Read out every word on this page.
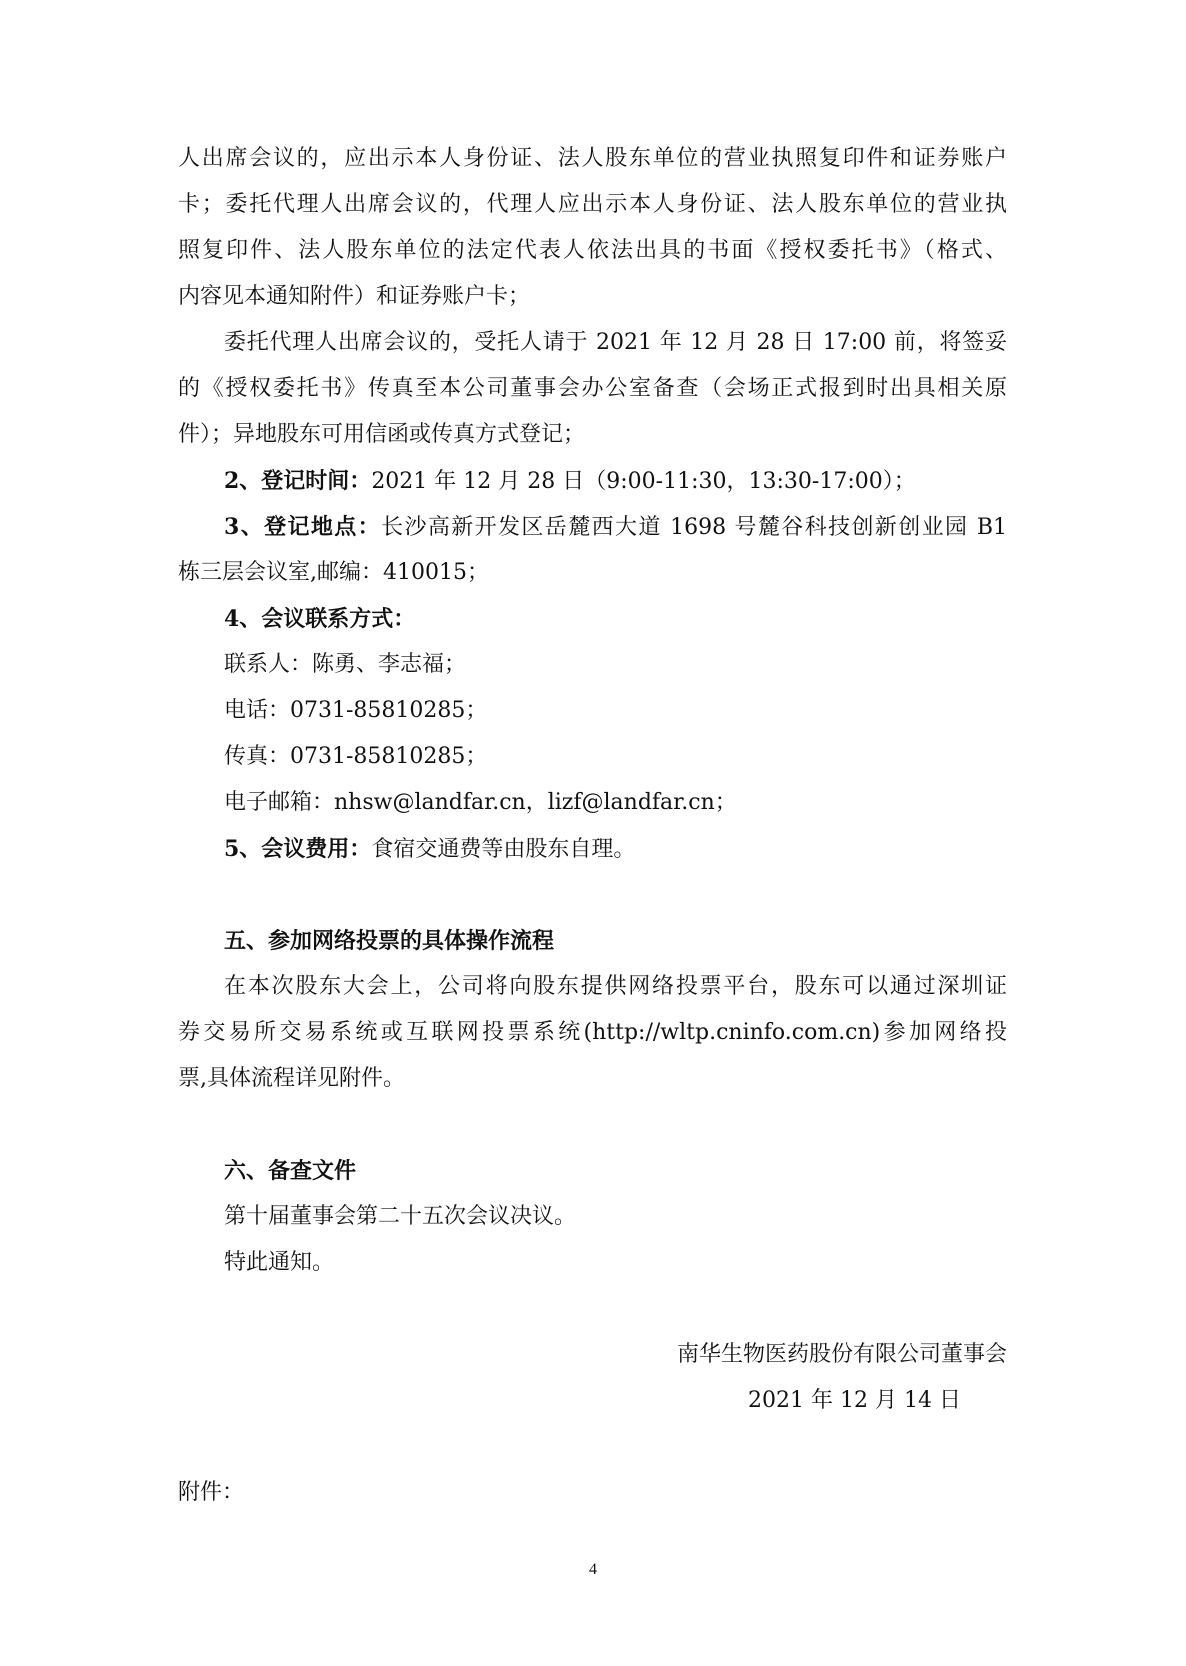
人出席会议的，应出示本人身份证、法人股东单位的营业执照复印件和证券账户
卡；委托代理人出席会议的，代理人应出示本人身份证、法人股东单位的营业执
照复印件、法人股东单位的法定代表人依法出具的书面《授权委托书》（格式、
内容见本通知附件）和证券账户卡；
委托代理人出席会议的，受托人请于 2021 年 12 月 28 日 17:00 前，将签妥
的《授权委托书》传真至本公司董事会办公室备查（会场正式报到时出具相关原
件）；异地股东可用信函或传真方式登记；
2、登记时间：2021 年 12 月 28 日（9:00-11:30，13:30-17:00）；
3、登记地点：长沙高新开发区岳麓西大道 1698 号麓谷科技创新创业园 B1
栋三层会议室,邮编：410015；
4、会议联系方式：
联系人：陈勇、李志福；
电话：0731-85810285；
传真：0731-85810285；
电子邮箱：nhsw@landfar.cn，lizf@landfar.cn；
5、会议费用：食宿交通费等由股东自理。
五、参加网络投票的具体操作流程
在本次股东大会上，公司将向股东提供网络投票平台，股东可以通过深圳证
券交易所交易系统或互联网投票系统(http://wltp.cninfo.com.cn)参加网络投
票,具体流程详见附件。
六、备查文件
第十届董事会第二十五次会议决议。
特此通知。
南华生物医药股份有限公司董事会
2021 年 12 月 14 日
附件：
4
